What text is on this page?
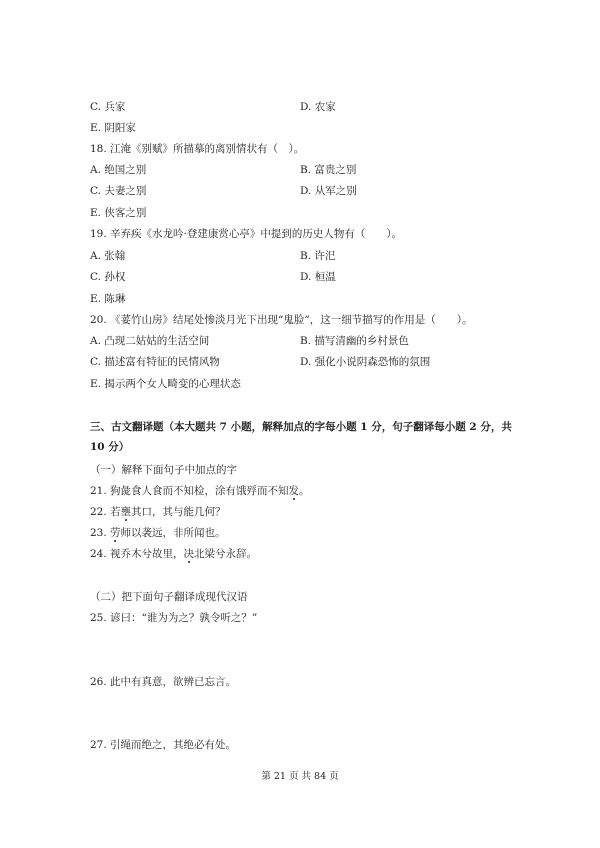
C. 兵家	D. 农家
E. 阴阳家
18. 江淹《别赋》所描摹的离别情状有（　）。
A. 绝国之别	B. 富贵之别
C. 夫妻之别	D. 从军之别
E. 侠客之别
19. 辛弃疾《水龙吟·登建康赏心亭》中提到的历史人物有（　　）。
A. 张翰	B. 许汜
C. 孙权	D. 桓温
E. 陈琳
20. 《荽竹山房》结尾处惨淡月光下出现“鬼脸”，这一细节描写的作用是（　　）。
A. 凸现二姑姑的生活空间	B. 描写清幽的乡村景色
C. 描述富有特征的民情风物	D. 强化小说阴森恐怖的氛围
E. 揭示两个女人畸变的心理状态
三、古文翻译题（本大题共 7 小题，解释加点的字每小题 1 分，句子翻译每小题 2 分，共
10 分）
（一）解释下面句子中加点的字
21. 狗彘食人食而不知检，涂有饿殍而不知发。
22. 若壅其口，其与能几何？
23. 劳师以袭远，非所闻也。
24. 视乔木兮故里，决北梁兮永辞。
（二）把下面句子翻译成现代汉语
25. 谚曰：“谁为为之？孰令听之？”
26. 此中有真意，欲辨已忘言。
27. 引绳而绝之，其绝必有处。
第 21 页 共 84 页
